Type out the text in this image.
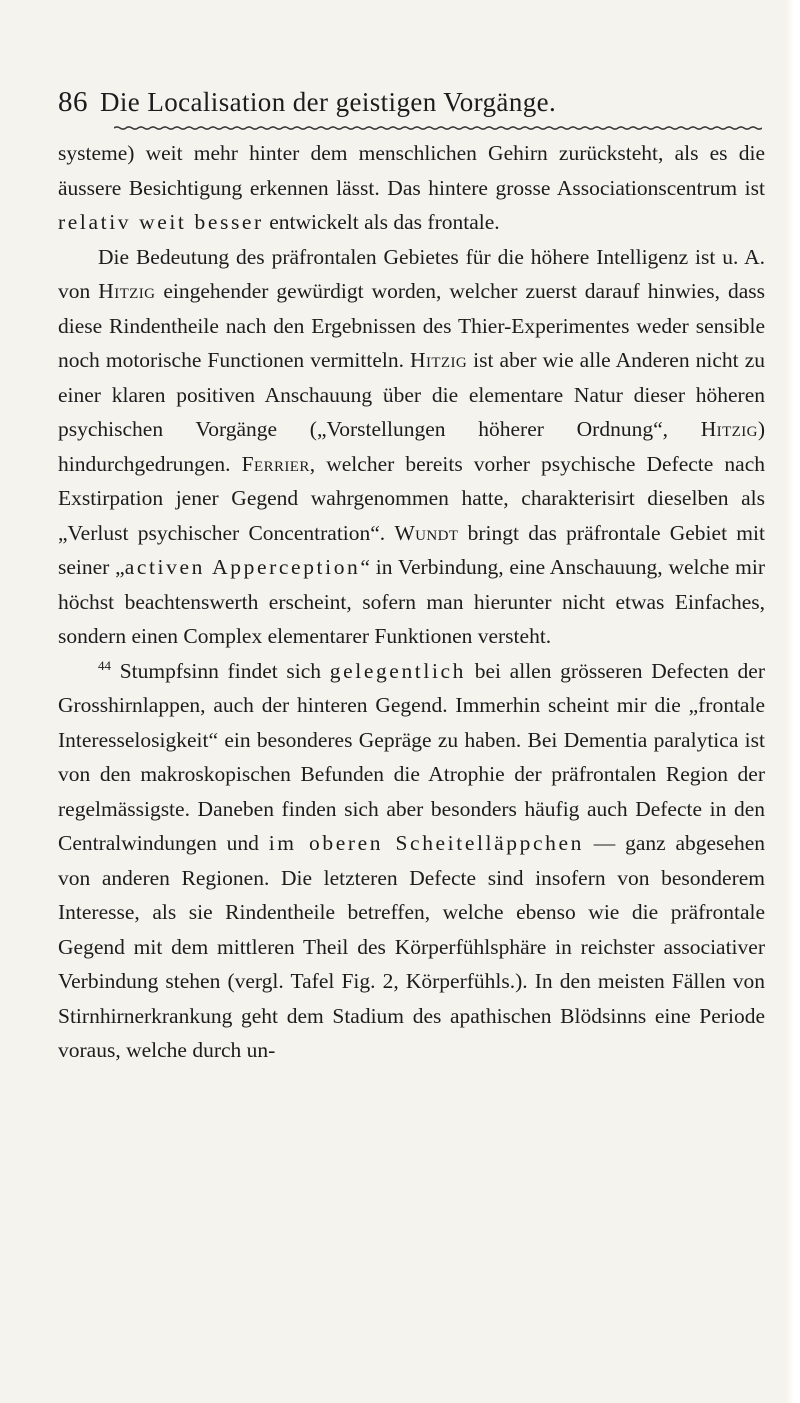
86 Die Localisation der geistigen Vorgänge.

systeme) weit mehr hinter dem menschlichen Gehirn zurücksteht, als es die äussere Besichtigung erkennen lässt. Das hintere grosse Associationscentrum ist relativ weit besser entwickelt als das frontale.

Die Bedeutung des präfrontalen Gebietes für die höhere Intelligenz ist u. A. von Hitzig eingehender gewürdigt worden, welcher zuerst darauf hinwies, dass diese Rindentheile nach den Ergebnissen des Thier-Experimentes weder sensible noch motorische Functionen vermitteln. Hitzig ist aber wie alle Anderen nicht zu einer klaren positiven Anschauung über die elementare Natur dieser höheren psychischen Vorgänge („Vorstellungen höherer Ordnung“, Hitzig) hindurchgedrungen. Ferrier, welcher bereits vorher psychische Defecte nach Exstirpation jener Gegend wahrgenommen hatte, charakterisirt dieselben als „Verlust psychischer Concentration“. Wundt bringt das präfrontale Gebiet mit seiner „activen Apperception“ in Verbindung, eine Anschauung, welche mir höchst beachtenswerth erscheint, sofern man hierunter nicht etwas Einfaches, sondern einen Complex elementarer Funktionen versteht.

$^{44}$ Stumpfsinn findet sich gelegentlich bei allen grösseren Defecten der Grosshirnlappen, auch der hinteren Gegend. Immerhin scheint mir die „frontale Interesselosigkeit“ ein besonderes Gepräge zu haben. Bei Dementia paralytica ist von den makroskopischen Befunden die Atrophie der präfrontalen Region der regelmässigste. Daneben finden sich aber besonders häufig auch Defecte in den Centralwindungen und im oberen Scheitelläppchen — ganz abgesehen von anderen Regionen. Die letzteren Defecte sind insofern von besonderem Interesse, als sie Rindentheile betreffen, welche ebenso wie die präfrontale Gegend mit dem mittleren Theil des Körperfühlsphäre in reichster associativer Verbindung stehen (vergl. Tafel Fig. 2, Körperfühls.). In den meisten Fällen von Stirnhirnerkrankung geht dem Stadium des apathischen Blödsinns eine Periode voraus, welche durch un-
